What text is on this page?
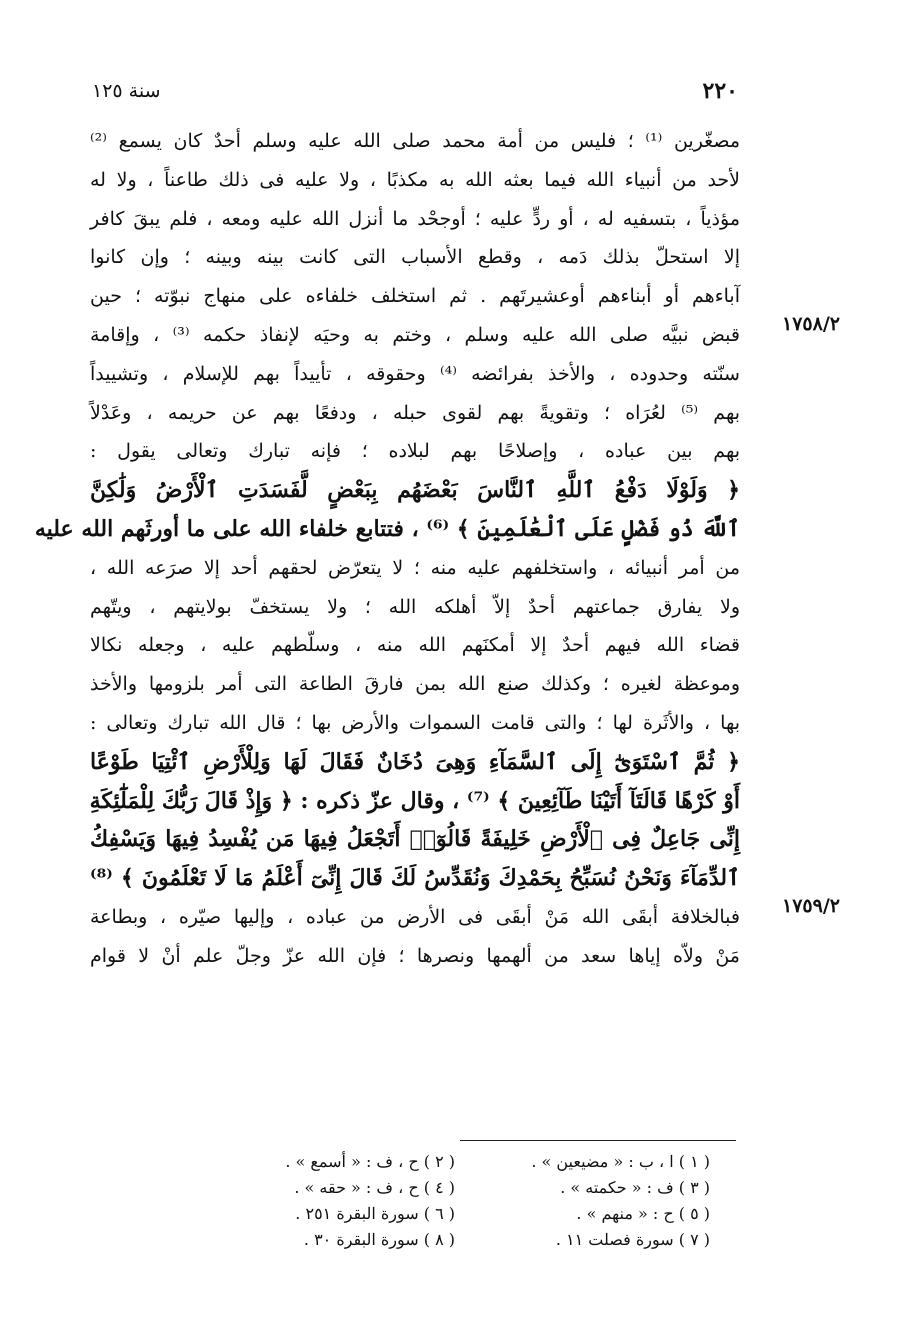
٢٢٠
سنة ١٢٥
١٧٥٨/٢
١٧٥٩/٢
مصغّرين ⁽¹⁾ ؛ فليس من أمة محمد صلى الله عليه وسلم أحدٌ كان يسمع ⁽²⁾
لأحد من أنبياء الله فيما بعثه الله به مكذبًا ، ولا عليه فى ذلك طاعناً ، ولا له
مؤذياً ، بتسفيه له ، أو ردٍّ عليه ؛ أوجحْد ما أنزل الله عليه ومعه ، فلم يبقَ كافر
إلا استحلّ بذلك دَمه ، وقطع الأسباب التى كانت بينه وبينه ؛ وإن كانوا
آباءهم أو أبناءهم أوعشيرتَهم . ثم استخلف خلفاءه على منهاج نبوّته ؛ حين
قبض نبيَّه صلى الله عليه وسلم ، وختم به وحيَه لإنفاذ حكمه ⁽³⁾ ، وإقامة
سنّته وحدوده ، والأخذ بفرائضه ⁽⁴⁾ وحقوقه ، تأييداً بهم للإسلام ، وتشييداً
بهم ⁽⁵⁾ لعُرَاه ؛ وتقويةً بهم لقوى حبله ، ودفعًا بهم عن حريمه ، وعَدْلاً
بهم بين عباده ، وإصلاحًا بهم لبلاده ؛ فإنه تبارك وتعالى يقول :
﴿ وَلَوْلَا دَفْعُ ٱللَّهِ ٱلنَّاسَ بَعْضَهُم بِبَعْضٍ لَّفَسَدَتِ ٱلْأَرْضُ وَلَٰكِنَّ
ٱللَّهَ ذُو فَضْلٍ عَلَى ٱلْعَٰلَمِينَ ﴾ ⁽⁶⁾ ، فتتابع خلفاء الله على ما أورثَهم الله عليه
من أمر أنبيائه ، واستخلفهم عليه منه ؛ لا يتعرّض لحقهم أحد إلا صرَعه الله ،
ولا يفارق جماعتهم أحدٌ إلاّ أهلكه الله ؛ ولا يستخفّ بولايتهم ، ويتّهم
قضاء الله فيهم أحدٌ إلا أمكنَهم الله منه ، وسلّطهم عليه ، وجعله نكالا
وموعظة لغيره ؛ وكذلك صنع الله بمن فارقَ الطاعة التى أمر بلزومها والأخذ
بها ، والأثَرة لها ؛ والتى قامت السموات والأرض بها ؛ قال الله تبارك وتعالى :
﴿ ثُمَّ ٱسْتَوَىٰٓ إِلَى ٱلسَّمَآءِ وَهِىَ دُخَانٌ فَقَالَ لَهَا وَلِلْأَرْضِ ٱئْتِيَا طَوْعًا
أَوْ كَرْهًا قَالَتَآ أَتَيْنَا طَآئِعِينَ ﴾ ⁽⁷⁾ ، وقال عزّ ذكره : ﴿ وَإِذْ قَالَ رَبُّكَ لِلْمَلَٰٓئِكَةِ
إِنِّى جَاعِلٌ فِى ٱلْأَرْضِ خَلِيفَةً قَالُوٓا۟ أَتَجْعَلُ فِيهَا مَن يُفْسِدُ فِيهَا وَيَسْفِكُ
ٱلدِّمَآءَ وَنَحْنُ نُسَبِّحُ بِحَمْدِكَ وَنُقَدِّسُ لَكَ قَالَ إِنِّىٓ أَعْلَمُ مَا لَا تَعْلَمُونَ ﴾ ⁽⁸⁾
فبالخلافة أبقَى الله مَنْ أبقَى فى الأرض من عباده ، وإليها صيّره ، وبطاعة
مَنْ ولاّه إياها سعد من ألهمها ونصرها ؛ فإن الله عزّ وجلّ علم أنْ لا قوام
( ١ ) ا ، ب : « مضيعين » .
( ٢ ) ح ، ف : « أسمع » .
( ٣ ) ف : « حكمته » .
( ٤ ) ح ، ف : « حقه » .
( ٥ ) ح : « منهم » .
( ٦ ) سورة البقرة ٢٥١ .
( ٧ ) سورة فصلت ١١ .
( ٨ ) سورة البقرة ٣٠ .
